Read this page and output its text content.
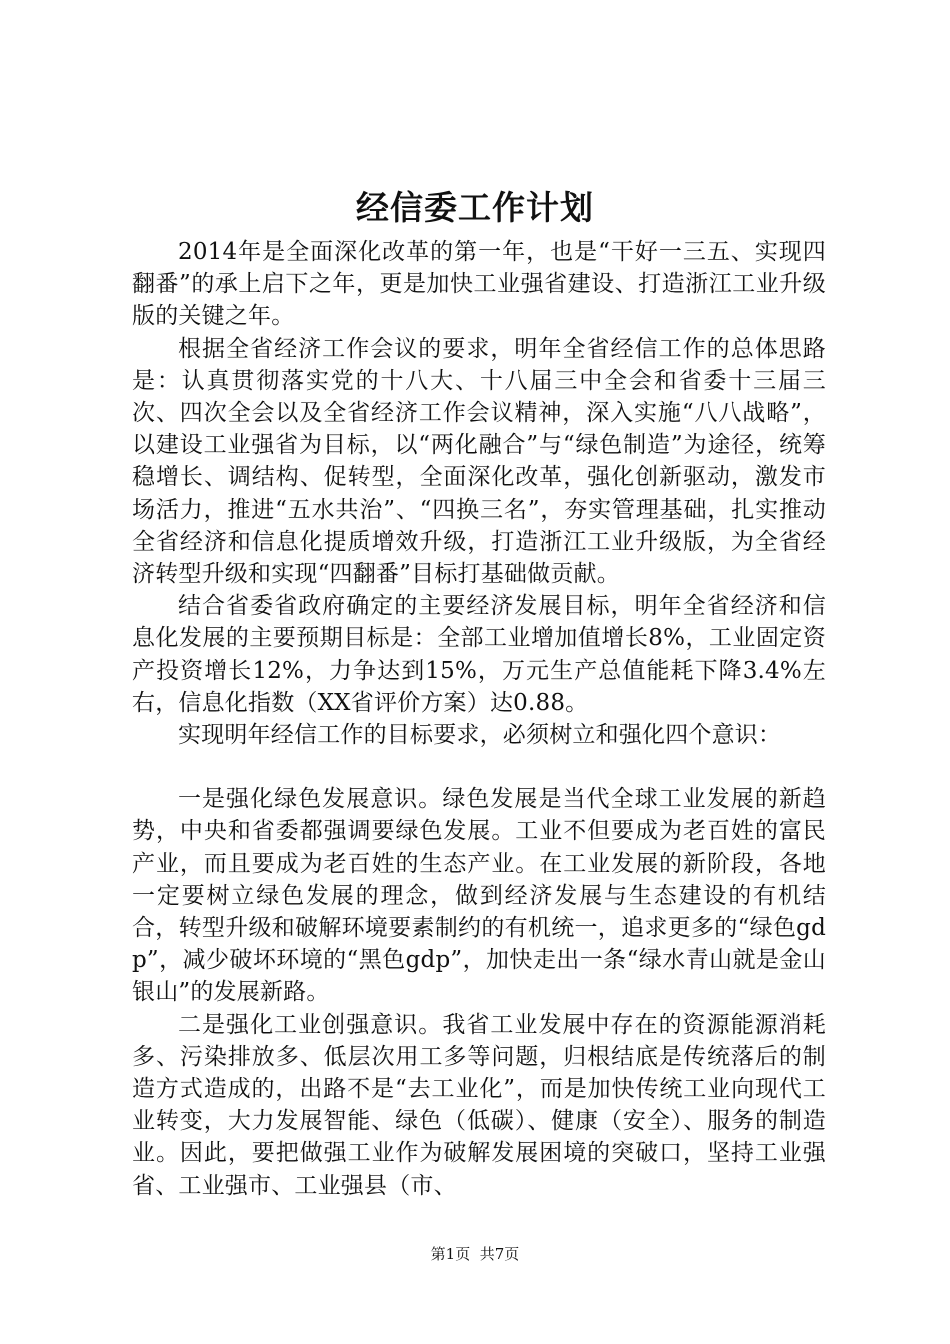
经信委工作计划

2014年是全面深化改革的第一年，也是“干好一三五、实现四翻番”的承上启下之年，更是加快工业强省建设、打造浙江工业升级版的关键之年。

根据全省经济工作会议的要求，明年全省经信工作的总体思路是：认真贯彻落实党的十八大、十八届三中全会和省委十三届三次、四次全会以及全省经济工作会议精神，深入实施“八八战略”，以建设工业强省为目标，以“两化融合”与“绿色制造”为途径，统筹稳增长、调结构、促转型，全面深化改革，强化创新驱动，激发市场活力，推进“五水共治”、“四换三名”，夯实管理基础，扎实推动全省经济和信息化提质增效升级，打造浙江工业升级版，为全省经济转型升级和实现“四翻番”目标打基础做贡献。

结合省委省政府确定的主要经济发展目标，明年全省经济和信息化发展的主要预期目标是：全部工业增加值增长8%，工业固定资产投资增长12%，力争达到15%，万元生产总值能耗下降3.4%左右，信息化指数（XX省评价方案）达0.88。

实现明年经信工作的目标要求，必须树立和强化四个意识：

一是强化绿色发展意识。绿色发展是当代全球工业发展的新趋势，中央和省委都强调要绿色发展。工业不但要成为老百姓的富民产业，而且要成为老百姓的生态产业。在工业发展的新阶段，各地一定要树立绿色发展的理念，做到经济发展与生态建设的有机结合，转型升级和破解环境要素制约的有机统一，追求更多的“绿色gdp”，减少破坏环境的“黑色gdp”，加快走出一条“绿水青山就是金山银山”的发展新路。

二是强化工业创强意识。我省工业发展中存在的资源能源消耗多、污染排放多、低层次用工多等问题，归根结底是传统落后的制造方式造成的，出路不是“去工业化”，而是加快传统工业向现代工业转变，大力发展智能、绿色（低碳）、健康（安全）、服务的制造业。因此，要把做强工业作为破解发展困境的突破口，坚持工业强省、工业强市、工业强县（市、

第1页 共7页
